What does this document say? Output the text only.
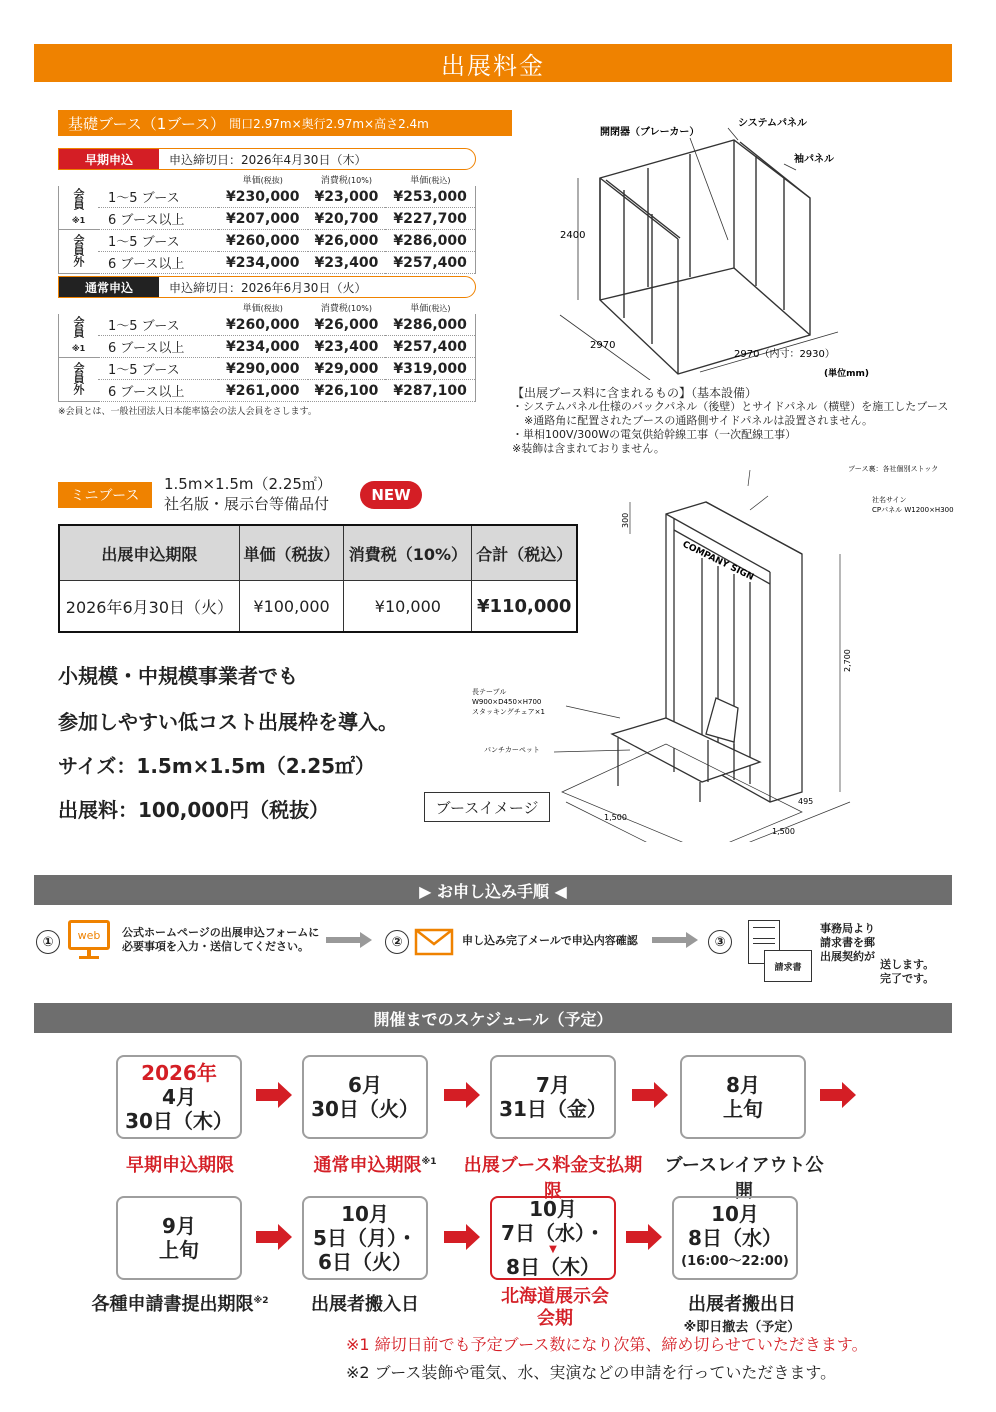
出展料金
基礎ブース（1ブース） 間口2.97m×奥行2.97m×高さ2.4m
早期申込	申込締切日：2026年4月30日（木）
		単価(税抜)	消費税(10%)	単価(税込)
会員
※1	1〜5 ブース	¥230,000	¥23,000	¥253,000
	6 ブース以上	¥207,000	¥20,700	¥227,700
会員外	1〜5 ブース	¥260,000	¥26,000	¥286,000
	6 ブース以上	¥234,000	¥23,400	¥257,400
通常申込	申込締切日：2026年6月30日（火）
		単価(税抜)	消費税(10%)	単価(税込)
会員
※1	1〜5 ブース	¥260,000	¥26,000	¥286,000
	6 ブース以上	¥234,000	¥23,400	¥257,400
会員外	1〜5 ブース	¥290,000	¥29,000	¥319,000
	6 ブース以上	¥261,000	¥26,100	¥287,100
※会員とは、一般社団法人日本能率協会の法人会員をさします。
開閉器（ブレーカー）
システムパネル
袖パネル
2400
2970
2970（内寸：2930）
(単位mm)
【出展ブース料に含まれるもの】（基本設備）
・システムパネル仕様のバックパネル（後壁）とサイドパネル（横壁）を施工したブース
※通路角に配置されたブースの通路側サイドパネルは設置されません。
・単相100V/300Wの電気供給幹線工事（一次配線工事）
※装飾は含まれておりません。
ミニブース
1.5m×1.5m（2.25㎡）
社名版・展示台等備品付	NEW
出展申込期限	単価（税抜）	消費税（10%）	合計（税込）
2026年6月30日（火）	¥100,000	¥10,000	¥110,000
小規模・中規模事業者でも
参加しやすい低コスト出展枠を導入。
サイズ：1.5m×1.5m（2.25㎡）
出展料：100,000円（税抜）	ブースイメージ
COMPANY SIGN
ブース裏：各社個別ストック
社名サイン
CPパネル W1200×H300
300
2,700
長テーブル
W900×D450×H700
スタッキングチェア×1
パンチカーペット
1,500
1,500
495
▶ お申し込み手順 ◀
①	web	公式ホームページの出展申込フォームに
必要事項を入力・送信してください。	②	申し込み完了メールで申込内容確認	③
請求書
事務局より
請求書を郵
出展契約が
送します。
完了です。
開催までのスケジュール（予定）
2026年
4月
30日（木）
早期申込期限
6月
30日（火）
通常申込期限$^{※1}$
7月
31日（金）
出展ブース料金支払期限
8月
上旬
ブースレイアウト公開
9月
上旬
各種申請書提出期限$^{※2}$
10月
5日（月）・
6日（火）
出展者搬入日
10月
7日（水）・
▼
8日（木）
北海道展示会
会期
10月
8日（水）
(16:00〜22:00)
出展者搬出日
※即日撤去（予定）
※1 締切日前でも予定ブース数になり次第、締め切らせていただきます。
※2 ブース装飾や電気、水、実演などの申請を行っていただきます。
